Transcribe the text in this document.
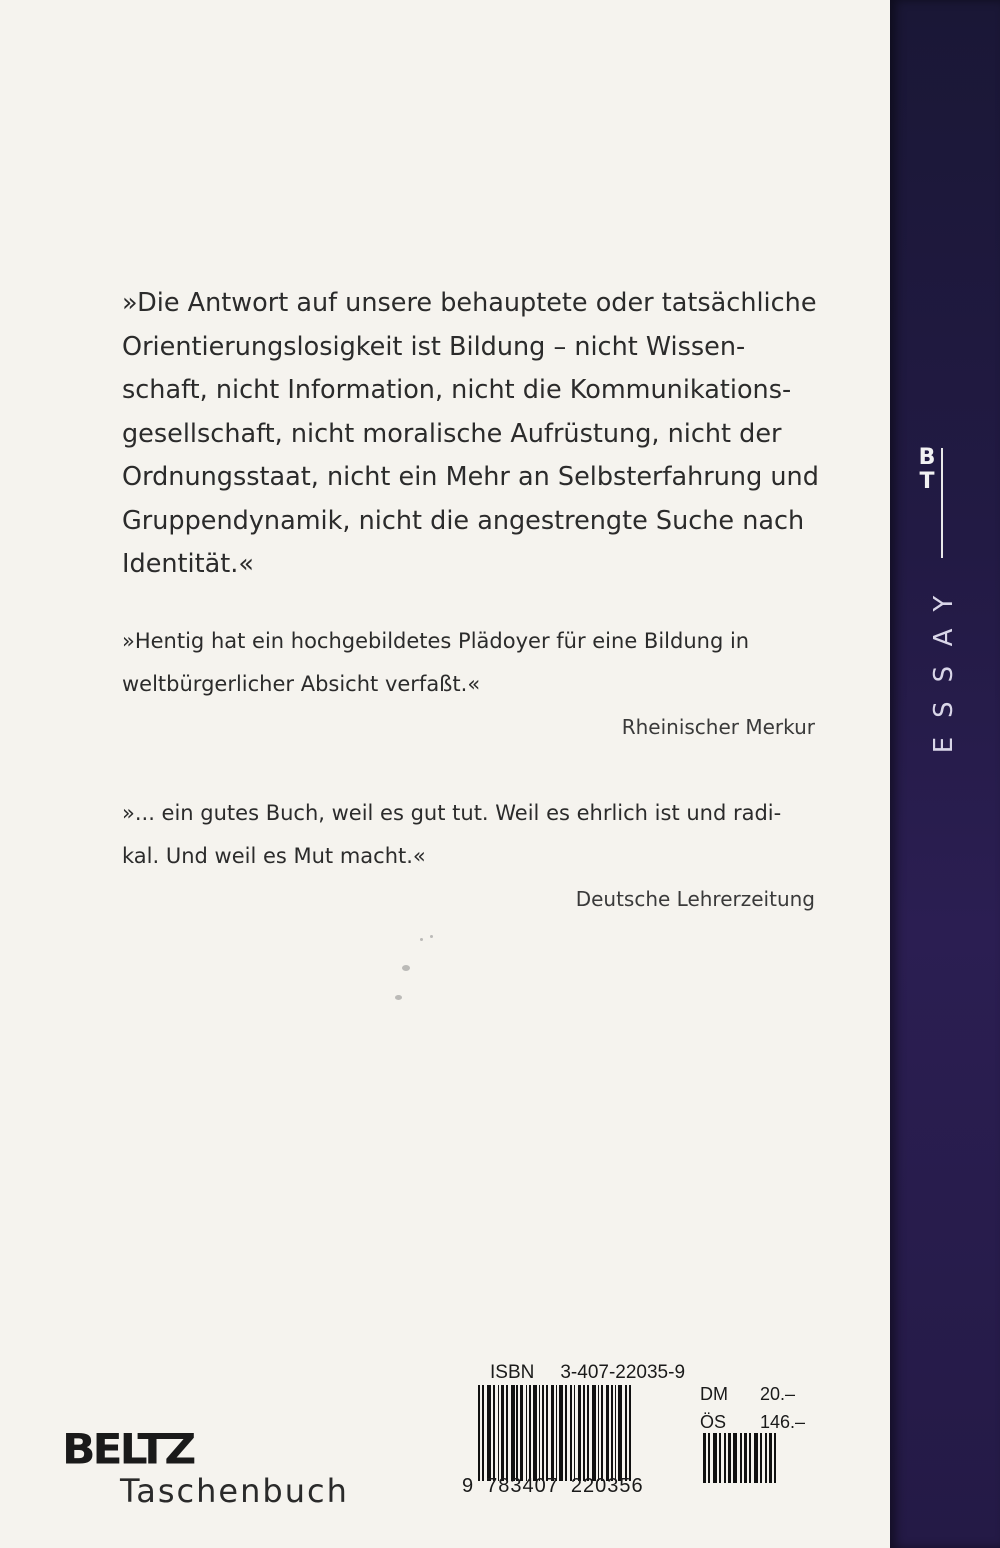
»Die Antwort auf unsere behauptete oder tatsächliche
Orientierungslosigkeit ist Bildung – nicht Wissen-
schaft, nicht Information, nicht die Kommunikations-
gesellschaft, nicht moralische Aufrüstung, nicht der
Ordnungsstaat, nicht ein Mehr an Selbsterfahrung und
Gruppendynamik, nicht die angestrengte Suche nach
Identität.«
»Hentig hat ein hochgebildetes Plädoyer für eine Bildung in
weltbürgerlicher Absicht verfaßt.«
Rheinischer Merkur
»... ein gutes Buch, weil es gut tut. Weil es ehrlich ist und radi-
kal. Und weil es Mut macht.«
Deutsche Lehrerzeitung
BELTZ
Taschenbuch
ISBN 3-407-22035-9
9 783407 220356
DM	20.–
ÖS	146.–
B
T
ESSAY
